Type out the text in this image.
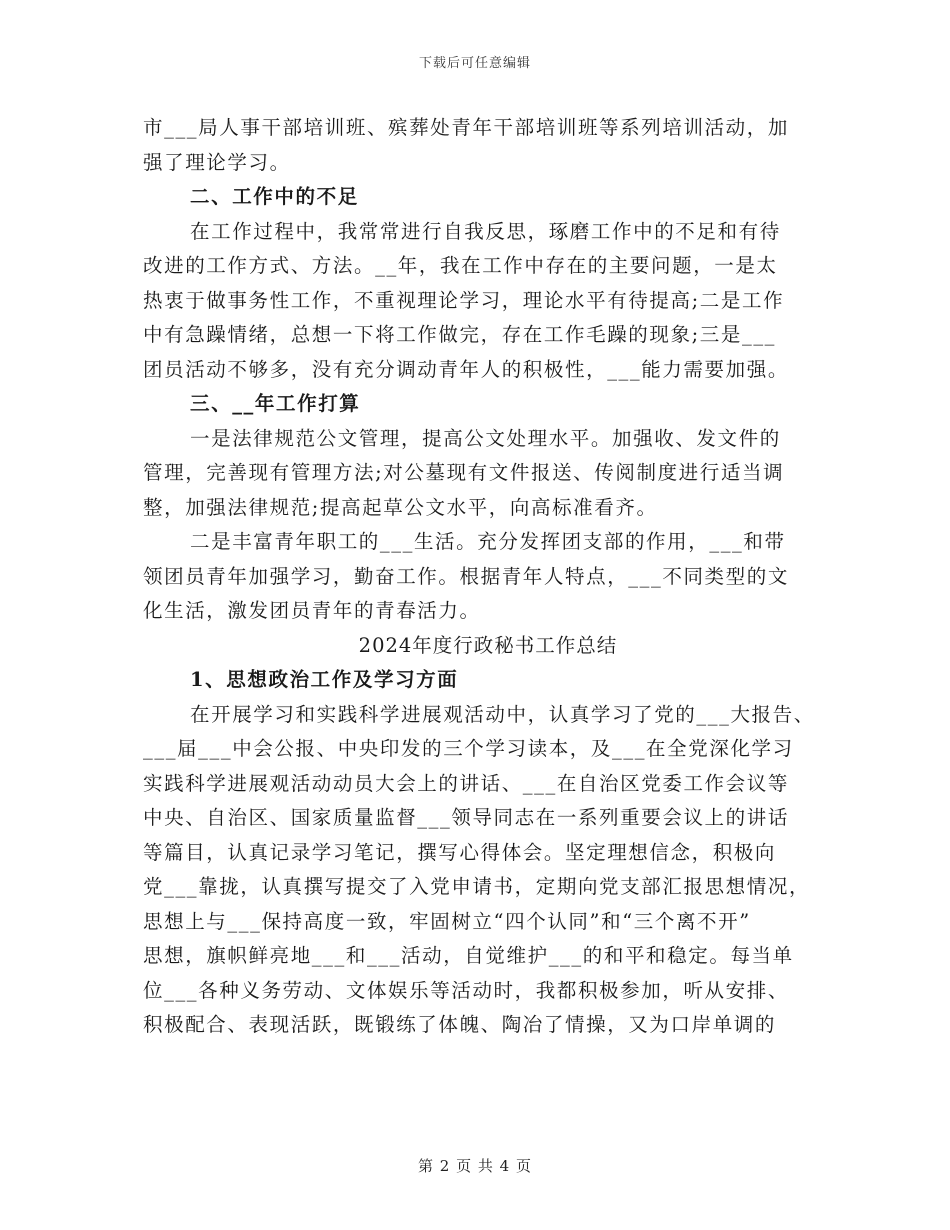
下载后可任意编辑
市___局人事干部培训班、殡葬处青年干部培训班等系列培训活动，加
强了理论学习。
二、工作中的不足
在工作过程中，我常常进行自我反思，琢磨工作中的不足和有待
改进的工作方式、方法。__年，我在工作中存在的主要问题，一是太
热衷于做事务性工作，不重视理论学习，理论水平有待提高;二是工作
中有急躁情绪，总想一下将工作做完，存在工作毛躁的现象;三是___
团员活动不够多，没有充分调动青年人的积极性，___能力需要加强。
三、__年工作打算
一是法律规范公文管理，提高公文处理水平。加强收、发文件的
管理，完善现有管理方法;对公墓现有文件报送、传阅制度进行适当调
整，加强法律规范;提高起草公文水平，向高标准看齐。
二是丰富青年职工的___生活。充分发挥团支部的作用，___和带
领团员青年加强学习，勤奋工作。根据青年人特点，___不同类型的文
化生活，激发团员青年的青春活力。
2024年度行政秘书工作总结
1、思想政治工作及学习方面
在开展学习和实践科学进展观活动中，认真学习了党的___大报告、
___届___中会公报、中央印发的三个学习读本，及___在全党深化学习
实践科学进展观活动动员大会上的讲话、___在自治区党委工作会议等
中央、自治区、国家质量监督___领导同志在一系列重要会议上的讲话
等篇目，认真记录学习笔记，撰写心得体会。坚定理想信念，积极向
党___靠拢，认真撰写提交了入党申请书，定期向党支部汇报思想情况，
思想上与___保持高度一致，牢固树立“四个认同”和“三个离不开”
思想，旗帜鲜亮地___和___活动，自觉维护___的和平和稳定。每当单
位___各种义务劳动、文体娱乐等活动时，我都积极参加，听从安排、
积极配合、表现活跃，既锻练了体魄、陶冶了情操，又为口岸单调的
第 2 页 共 4 页
